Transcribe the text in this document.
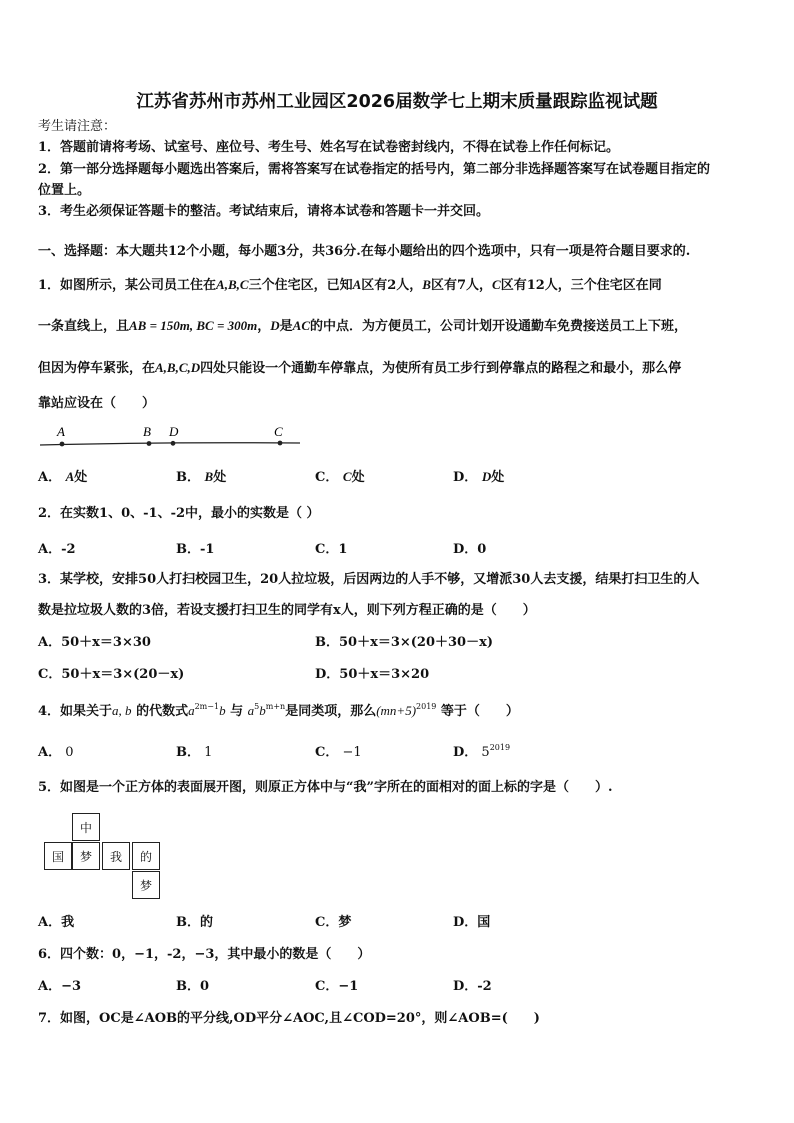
江苏省苏州市苏州工业园区2026届数学七上期末质量跟踪监视试题
考生请注意：
1．答题前请将考场、试室号、座位号、考生号、姓名写在试卷密封线内，不得在试卷上作任何标记。
2．第一部分选择题每小题选出答案后，需将答案写在试卷指定的括号内，第二部分非选择题答案写在试卷题目指定的
位置上。
3．考生必须保证答题卡的整洁。考试结束后，请将本试卷和答题卡一并交回。
一、选择题：本大题共12个小题，每小题3分，共36分.在每小题给出的四个选项中，只有一项是符合题目要求的.
1．如图所示，某公司员工住在A,B,C三个住宅区，已知A区有2人，B区有7人，C区有12人，三个住宅区在同
一条直线上，且AB = 150m, BC = 300m，D是AC的中点．为方便员工，公司计划开设通勤车免费接送员工上下班，
但因为停车紧张，在A,B,C,D四处只能设一个通勤车停靠点，为使所有员工步行到停靠点的路程之和最小，那么停
靠站应设在（　　）
A	B D	C
A． A处	B． B处	C． C处	D． D处
2．在实数1、0、-1、-2中，最小的实数是（ ）
A．-2	B．-1	C．1	D．0
3．某学校，安排50人打扫校园卫生，20人拉垃圾，后因两边的人手不够，又增派30人去支援，结果打扫卫生的人
数是拉垃圾人数的3倍，若设支援打扫卫生的同学有x人，则下列方程正确的是（　　）
A．50＋x＝3×30	B．50＋x＝3×(20＋30－x)
C．50＋x＝3×(20－x)	D．50＋x＝3×20
4．如果关于a, b 的代数式$a^{2m-1}b$ 与 $a^5b^{m+n}$是同类项，那么$(mn+5)^{2019}$ 等于（　　）
A． 0	B． 1	C． −1	D． $5^{2019}$
5．如图是一个正方体的表面展开图，则原正方体中与“我”字所在的面相对的面上标的字是（　　）.
中
国	梦	我	的
梦
A．我	B．的	C．梦	D．国
6．四个数：0，−1，-2，−3，其中最小的数是（　　）
A．−3	B．0	C．−1	D．-2
7．如图，OC是∠AOB的平分线,OD平分∠AOC,且∠COD=20°，则∠AOB=(　　)
